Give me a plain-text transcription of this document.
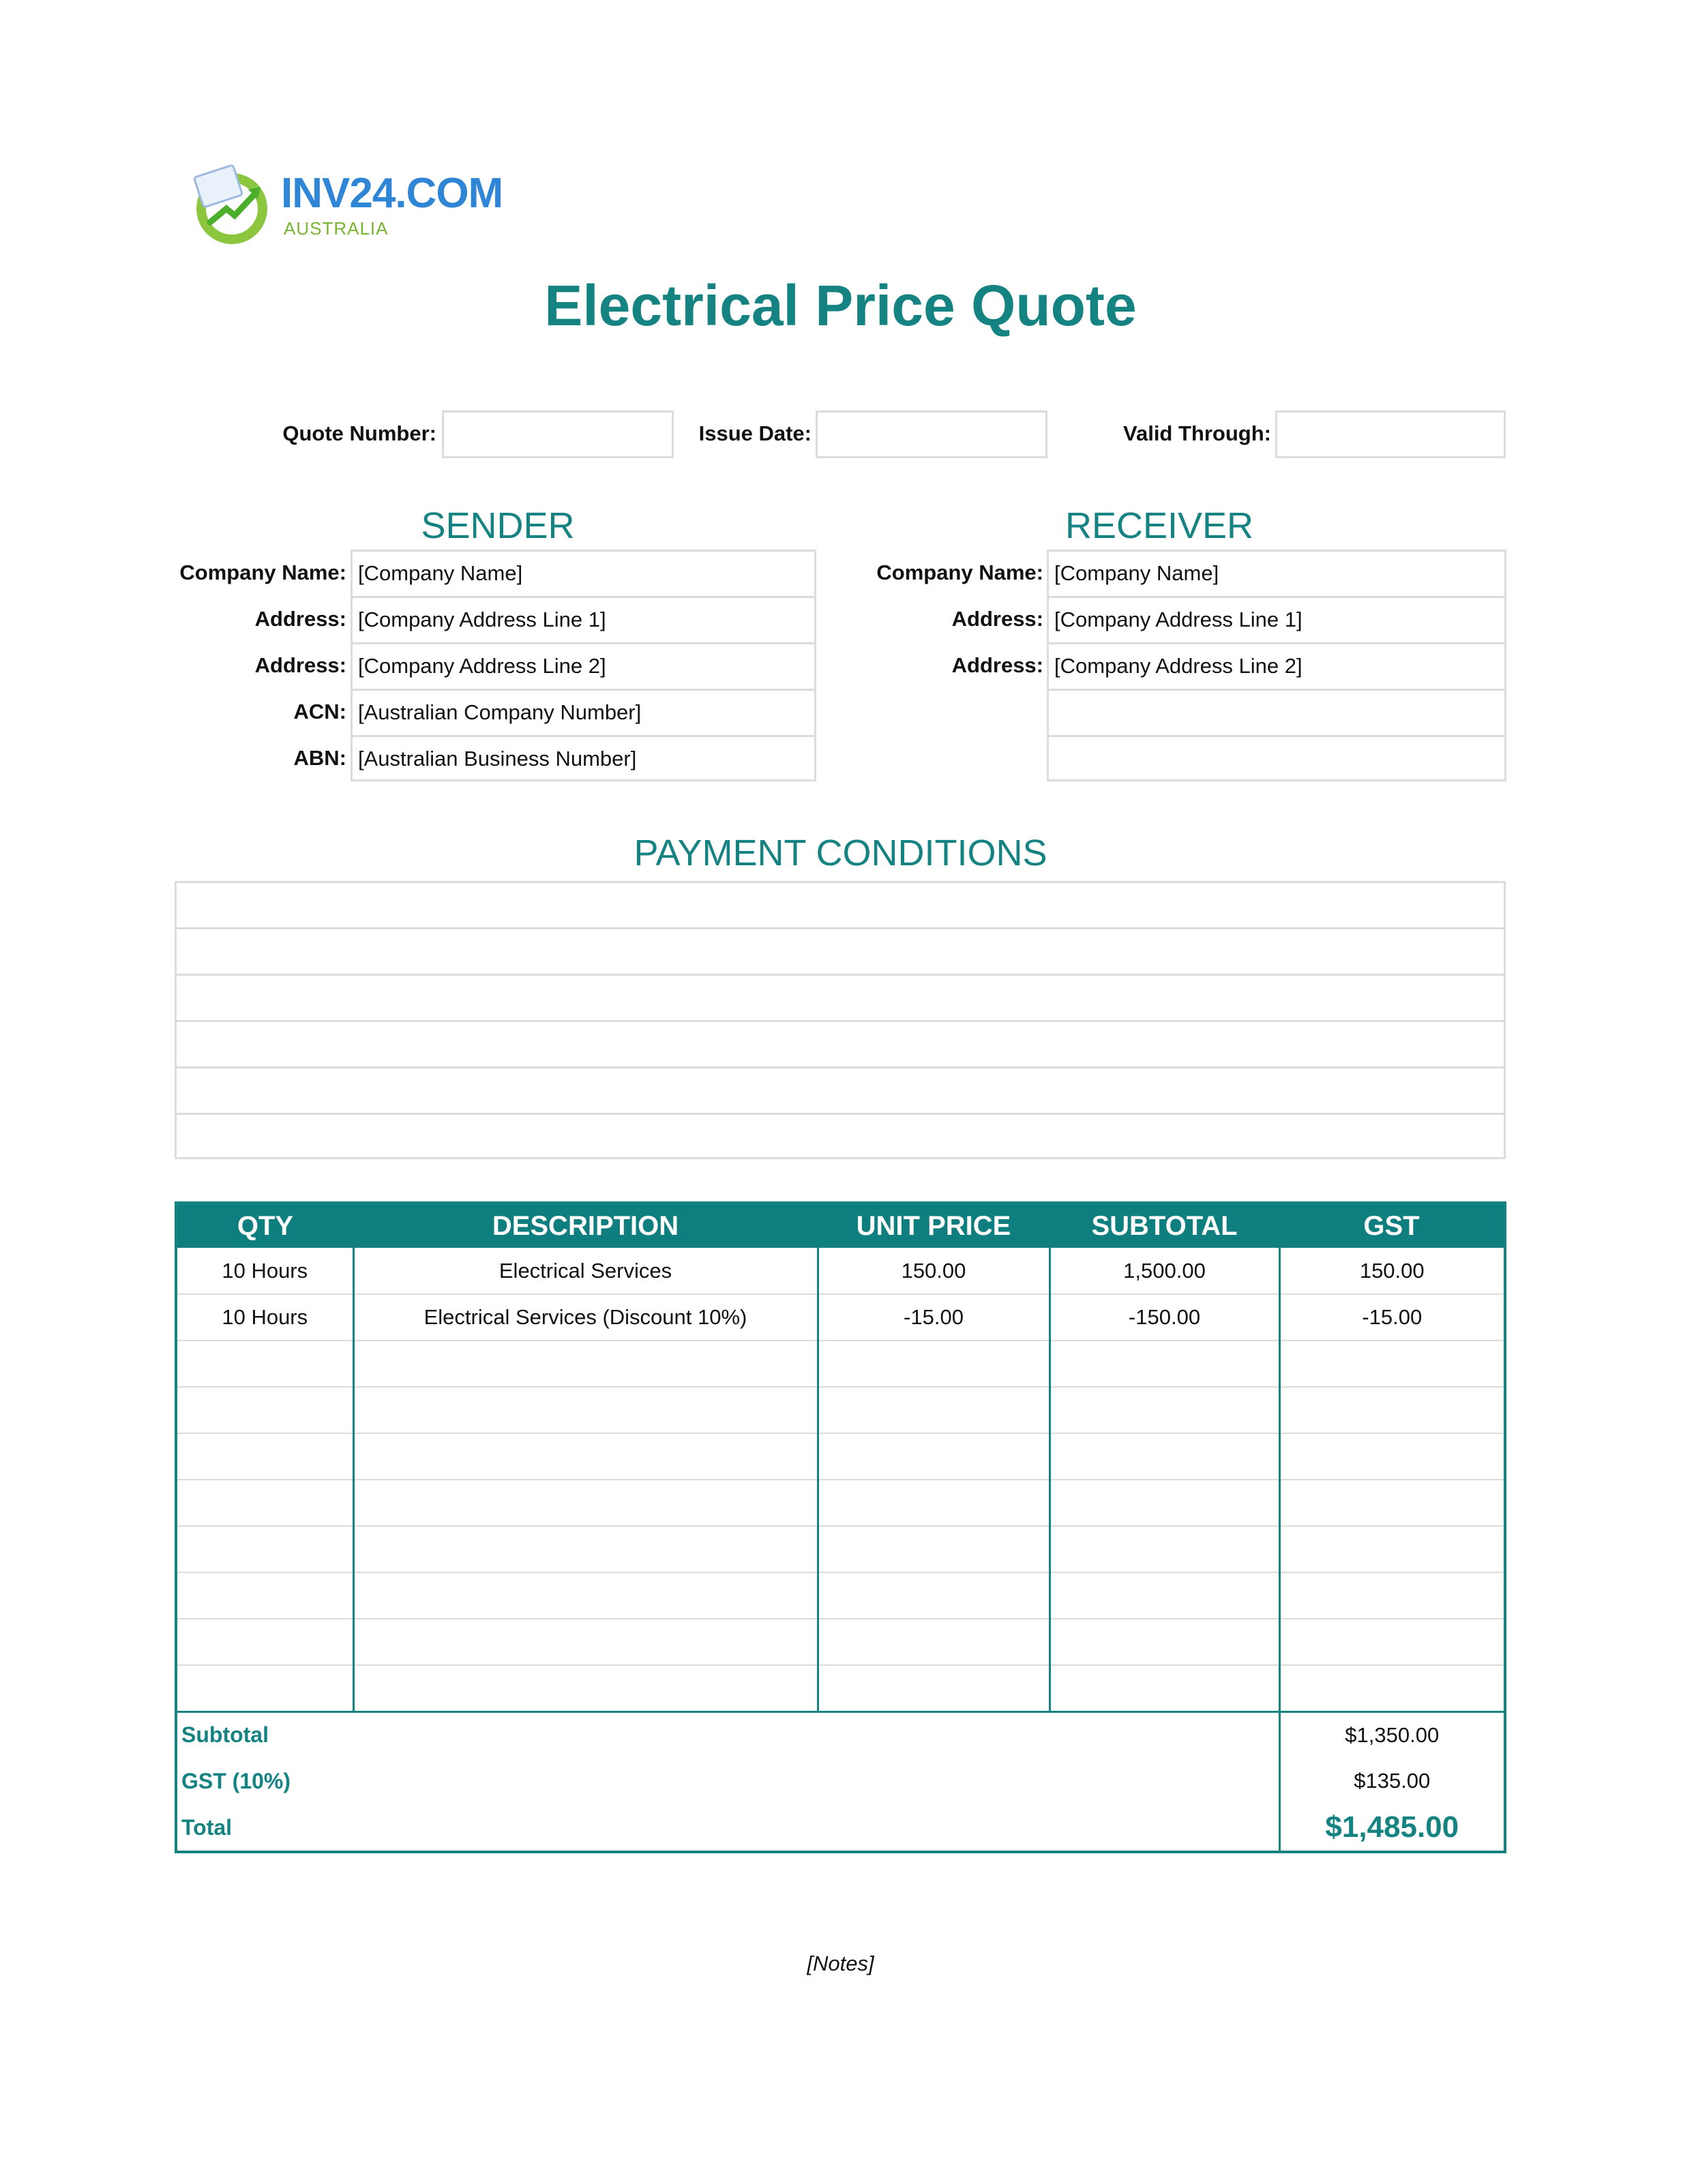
INV24.COM
AUSTRALIA
Electrical Price Quote
Quote Number:	Issue Date:	Valid Through:
SENDER
Company Name: [Company Name]
Address: [Company Address Line 1]
Address: [Company Address Line 2]
ACN: [Australian Company Number]
ABN: [Australian Business Number]
RECEIVER
Company Name: [Company Name]
Address: [Company Address Line 1]
Address: [Company Address Line 2]
PAYMENT CONDITIONS
QTY	DESCRIPTION	UNIT PRICE	SUBTOTAL	GST
10 Hours	Electrical Services	150.00	1,500.00	150.00
10 Hours	Electrical Services (Discount 10%)	-15.00	-150.00	-15.00

Subtotal				$1,350.00
GST (10%)				$135.00
Total				$1,485.00
[Notes]
